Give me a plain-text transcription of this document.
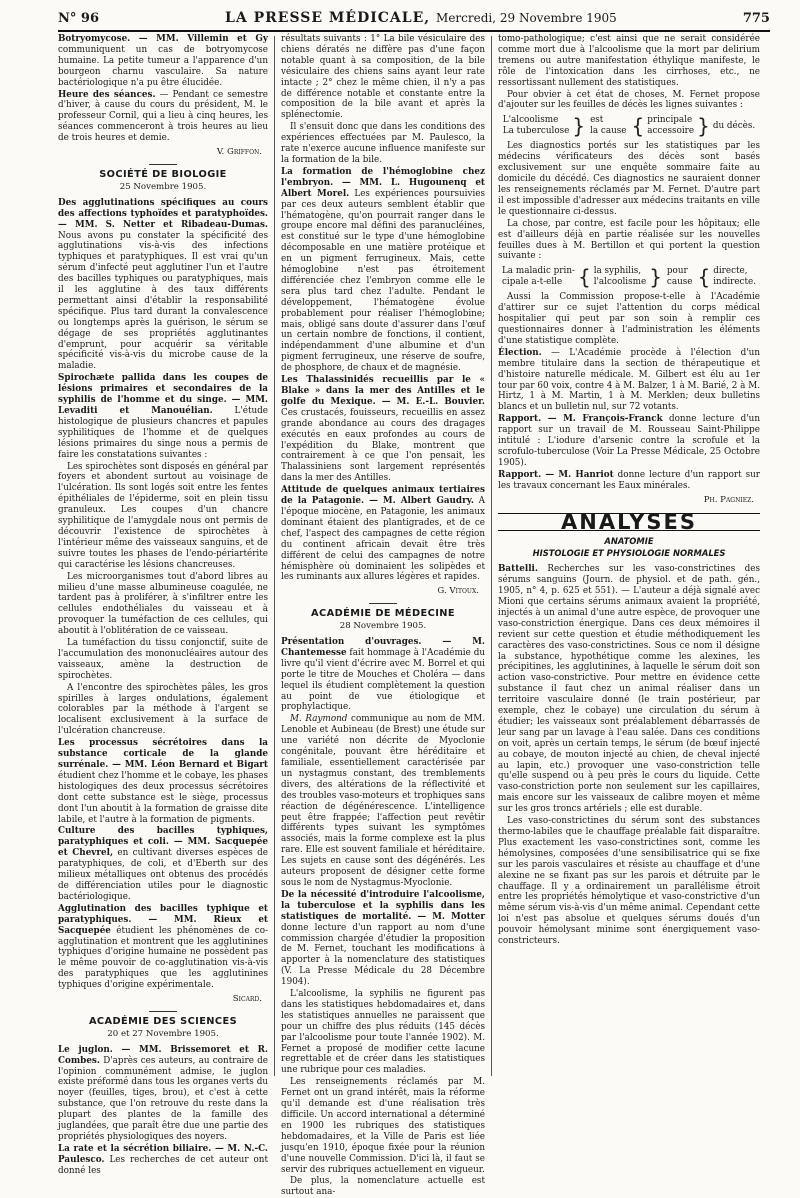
N° 96	LA PRESSE MÉDICALE, Mercredi, 29 Novembre 1905	775

Botryomycose. — MM. Villemin et Gy communiquent un cas de botryomycose humaine. La petite tumeur a l'apparence d'un bourgeon charnu vasculaire. Sa nature bactériologique n'a pu être élucidée.

Heure des séances. — Pendant ce semestre d'hiver, à cause du cours du président, M. le professeur Cornil, qui a lieu à cinq heures, les séances commenceront à trois heures au lieu de trois heures et demie.

V. Griffon.
SOCIÉTÉ DE BIOLOGIE
25 Novembre 1905.

Des agglutinations spécifiques au cours des affections typhoïdes et paratyphoïdes. — MM. S. Netter et Ribadeau-Dumas. Nous avons pu constater la spécificité des agglutinations vis-à-vis des infections typhiques et paratyphiques. Il est vrai qu'un sérum d'infecté peut agglutiner l'un et l'autre des bacilles typhiques ou paratyphiques, mais il les agglutine à des taux différents permettant ainsi d'établir la responsabilité spécifique. Plus tard durant la convalescence ou longtemps après la guérison, le sérum se dégage de ses propriétés agglutinantes d'emprunt, pour acquérir sa véritable spécificité vis-à-vis du microbe cause de la maladie.

Spirochæte pallida dans les coupes de lésions primaires et secondaires de la syphilis de l'homme et du singe. — MM. Levaditi et Manouélian. L'étude histologique de plusieurs chancres et papules syphilitiques de l'homme et de quelques lésions primaires du singe nous a permis de faire les constatations suivantes :

Les spirochètes sont disposés en général par foyers et abondent surtout au voisinage de l'ulcération. Ils sont logés soit entre les fentes épithéliales de l'épiderme, soit en plein tissu granuleux. Les coupes d'un chancre syphilitique de l'amygdale nous ont permis de découvrir l'existence de spirochètes à l'intérieur même des vaisseaux sanguins, et de suivre toutes les phases de l'endo-périartérite qui caractérise les lésions chancreuses.

Les microorganismes tout d'abord libres au milieu d'une masse albumineuse coagulée, ne tardent pas à proliférer, à s'infiltrer entre les cellules endothéliales du vaisseau et à provoquer la tuméfaction de ces cellules, qui aboutit à l'oblitération de ce vaisseau.

La tuméfaction du tissu conjonctif, suite de l'accumulation des mononucléaires autour des vaisseaux, amène la destruction de spirochètes.

A l'encontre des spirochètes pâles, les gros spirilles à larges ondulations, également colorables par la méthode à l'argent se localisent exclusivement à la surface de l'ulcération chancreuse.

Les processus sécrétoires dans la substance corticale de la glande surrénale. — MM. Léon Bernard et Bigart étudient chez l'homme et le cobaye, les phases histologiques des deux processus sécrétoires dont cette substance est le siège, processus dont l'un aboutit à la formation de graisse dite labile, et l'autre à la formation de pigments.

Culture des bacilles typhiques, paratyphiques et coli. — MM. Sacquepée et Chevrel, en cultivant diverses espèces de paratyphiques, de coli, et d'Eberth sur des milieux métalliques ont obtenus des procédés de différenciation utiles pour le diagnostic bactériologique.

Agglutination des bacilles typhique et paratyphiques. — MM. Rieux et Sacquepée étudient les phénomènes de co-agglutination et montrent que les agglutinines typhiques d'origine humaine ne possèdent pas le même pouvoir de co-agglutination vis-à-vis des paratyphiques que les agglutinines typhiques d'origine expérimentale.

Sicard.
ACADÉMIE DES SCIENCES
20 et 27 Novembre 1905.

Le juglon. — MM. Brissemoret et R. Combes. D'après ces auteurs, au contraire de l'opinion communément admise, le juglon existe préformé dans tous les organes verts du noyer (feuilles, tiges, brou), et c'est à cette substance, que l'on retrouve du reste dans la plupart des plantes de la famille des juglandées, que paraît être due une partie des propriétés physiologiques des noyers.

La rate et la sécrétion biliaire. — M. N.-C. Paulesco. Les recherches de cet auteur ont donné les

résultats suivants : 1° La bile vésiculaire des chiens dératés ne diffère pas d'une façon notable quant à sa composition, de la bile vésiculaire des chiens sains ayant leur rate intacte ; 2° chez le même chien, il n'y a pas de différence notable et constante entre la composition de la bile avant et après la splénectomie.

Il s'ensuit donc que dans les conditions des expériences effectuées par M. Paulesco, la rate n'exerce aucune influence manifeste sur la formation de la bile.

La formation de l'hémoglobine chez l'embryon. — MM. L. Hugounenq et Albert Morel. Les expériences poursuivies par ces deux auteurs semblent établir que l'hématogène, qu'on pourrait ranger dans le groupe encore mal défini des paranucléines, est constitué sur le type d'une hémoglobine décomposable en une matière protéique et en un pigment ferrugineux. Mais, cette hémoglobine n'est pas étroitement différenciée chez l'embryon comme elle le sera plus tard chez l'adulte. Pendant le développement, l'hématogène évolue probablement pour réaliser l'hémoglobine; mais, obligé sans doute d'assurer dans l'œuf un certain nombre de fonctions, il contient, indépendamment d'une albumine et d'un pigment ferrugineux, une réserve de soufre, de phosphore, de chaux et de magnésie.

Les Thalassinidés recueillis par le « Blake » dans la mer des Antilles et le golfe du Mexique. — M. E.-L. Bouvier. Ces crustacés, fouisseurs, recueillis en assez grande abondance au cours des dragages exécutés en eaux profondes au cours de l'expédition du Blake, montrent que contrairement à ce que l'on pensait, les Thalassiniens sont largement représentés dans la mer des Antilles.

Attitude de quelques animaux tertiaires de la Patagonie. — M. Albert Gaudry. A l'époque miocène, en Patagonie, les animaux dominant étaient des plantigrades, et de ce chef, l'aspect des campagnes de cette région du continent africain devait être très différent de celui des campagnes de notre hémisphère où dominaient les solipèdes et les ruminants aux allures légères et rapides.

G. Vitoux.
ACADÉMIE DE MÉDECINE
28 Novembre 1905.

Présentation d'ouvrages. — M. Chantemesse fait hommage à l'Académie du livre qu'il vient d'écrire avec M. Borrel et qui porte le titre de Mouches et Choléra — dans lequel ils étudient complètement la question au point de vue étiologique et prophylactique.

M. Raymond communique au nom de MM. Lenoble et Aubineau (de Brest) une étude sur une variété non décrite de Myoclonie congénitale, pouvant être héréditaire et familiale, essentiellement caractérisée par un nystagmus constant, des tremblements divers, des altérations de la réflectivité et des troubles vaso-moteurs et trophiques sans réaction de dégénérescence. L'intelligence peut être frappée; l'affection peut revêtir différents types suivant les symptômes associés, mais la forme complexe est la plus rare. Elle est souvent familiale et héréditaire. Les sujets en cause sont des dégénérés. Les auteurs proposent de désigner cette forme sous le nom de Nystagmus-Myoclonie.

De la nécessité d'introduire l'alcoolisme, la tuberculose et la syphilis dans les statistiques de mortalité. — M. Motter donne lecture d'un rapport au nom d'une commission chargée d'étudier la proposition de M. Fernet, touchant les modifications à apporter à la nomenclature des statistiques (V. La Presse Médicale du 28 Décembre 1904).

L'alcoolisme, la syphilis ne figurent pas dans les statistiques hebdomadaires et, dans les statistiques annuelles ne paraissent que pour un chiffre des plus réduits (145 décès par l'alcoolisme pour toute l'année 1902). M. Fernet a proposé de modifier cette lacune regrettable et de créer dans les statistiques une rubrique pour ces maladies.

Les renseignements réclamés par M. Fernet ont un grand intérêt, mais la réforme qu'il demande est d'une réalisation très difficile. Un accord international a déterminé en 1900 les rubriques des statistiques hebdomadaires, et la Ville de Paris est liée jusqu'en 1910, époque fixée pour la réunion d'une nouvelle Commission. D'ici là, il faut se servir des rubriques actuellement en vigueur.

De plus, la nomenclature actuelle est surtout ana-

tomo-pathologique; c'est ainsi que ne serait considérée comme mort due à l'alcoolisme que la mort par delirium tremens ou autre manifestation éthylique manifeste, le rôle de l'intoxication dans les cirrhoses, etc., ne ressortissant nullement des statistiques.

Pour obvier à cet état de choses, M. Fernet propose d'ajouter sur les feuilles de décès les lignes suivantes :

L'alcoolisme
La tuberculose } est
la cause { principale
accessoire } du décès.

Les diagnostics portés sur les statistiques par les médecins vérificateurs des décès sont basés exclusivement sur une enquête sommaire faite au domicile du décédé. Ces diagnostics ne sauraient donner les renseignements réclamés par M. Fernet. D'autre part il est impossible d'adresser aux médecins traitants en ville le questionnaire ci-dessus.

La chose, par contre, est facile pour les hôpitaux; elle est d'ailleurs déjà en partie réalisée sur les nouvelles feuilles dues à M. Bertillon et qui portent la question suivante :

La maladic prin-
cipale a-t-elle { la syphilis,
l'alcoolisme } pour
cause { directe,
indirecte.

Aussi la Commission propose-t-elle à l'Académie d'attirer sur ce sujet l'attention du corps médical hospitalier qui peut par son soin à remplir ces questionnaires donner à l'administration les éléments d'une statistique complète.

Élection. — L'Académie procède à l'élection d'un membre titulaire dans la section de thérapeutique et d'histoire naturelle médicale. M. Gilbert est élu au 1er tour par 60 voix, contre 4 à M. Balzer, 1 à M. Barié, 2 à M. Hirtz, 1 à M. Martin, 1 à M. Merklen; deux bulletins blancs et un bulletin nul, sur 72 votants.

Rapport. — M. François-Franck donne lecture d'un rapport sur un travail de M. Rousseau Saint-Philippe intitulé : L'iodure d'arsenic contre la scrofule et la scrofulo-tuberculose (Voir La Presse Médicale, 25 Octobre 1905).

Rapport. — M. Hanriot donne lecture d'un rapport sur les travaux concernant les Eaux minérales.

Ph. Pagniez.
ANALYSES
ANATOMIE
HISTOLOGIE ET PHYSIOLOGIE NORMALES

Battelli. Recherches sur les vaso-constrictines des sérums sanguins (Journ. de physiol. et de path. gén., 1905, n° 4, p. 625 et 551). — L'auteur a déjà signalé avec Mioni que certains sérums animaux avaient la propriété, injectés à un animal d'une autre espèce, de provoquer une vaso-constriction énergique. Dans ces deux mémoires il revient sur cette question et étudie méthodiquement les caractères des vaso-constrictines. Sous ce nom il désigne la substance, hypothétique comme les alexines, les précipitines, les agglutinines, à laquelle le sérum doit son action vaso-constrictive. Pour mettre en évidence cette substance il faut chez un animal réaliser dans un territoire vasculaire donné (le train postérieur, par exemple, chez le cobaye) une circulation du sérum à étudier; les vaisseaux sont préalablement débarrassés de leur sang par un lavage à l'eau salée. Dans ces conditions on voit, après un certain temps, le sérum (de bœuf injecté au cobaye, de mouton injecté au chien, de cheval injecté au lapin, etc.) provoquer une vaso-constriction telle qu'elle suspend ou à peu près le cours du liquide. Cette vaso-constriction porte non seulement sur les capillaires, mais encore sur les vaisseaux de calibre moyen et même sur les gros troncs artériels ; elle est durable.

Les vaso-constrictines du sérum sont des substances thermo-labiles que le chauffage préalable fait disparaître. Plus exactement les vaso-constrictines sont, comme les hémolysines, composées d'une sensibilisatrice qui se fixe sur les parois vasculaires et résiste au chauffage et d'une alexine ne se fixant pas sur les parois et détruite par le chauffage. Il y a ordinairement un parallélisme étroit entre les propriétés hémolytique et vaso-constrictive d'un même sérum vis-à-vis d'un même animal. Cependant cette loi n'est pas absolue et quelques sérums doués d'un pouvoir hémolysant minime sont énergiquement vaso-constricteurs.
